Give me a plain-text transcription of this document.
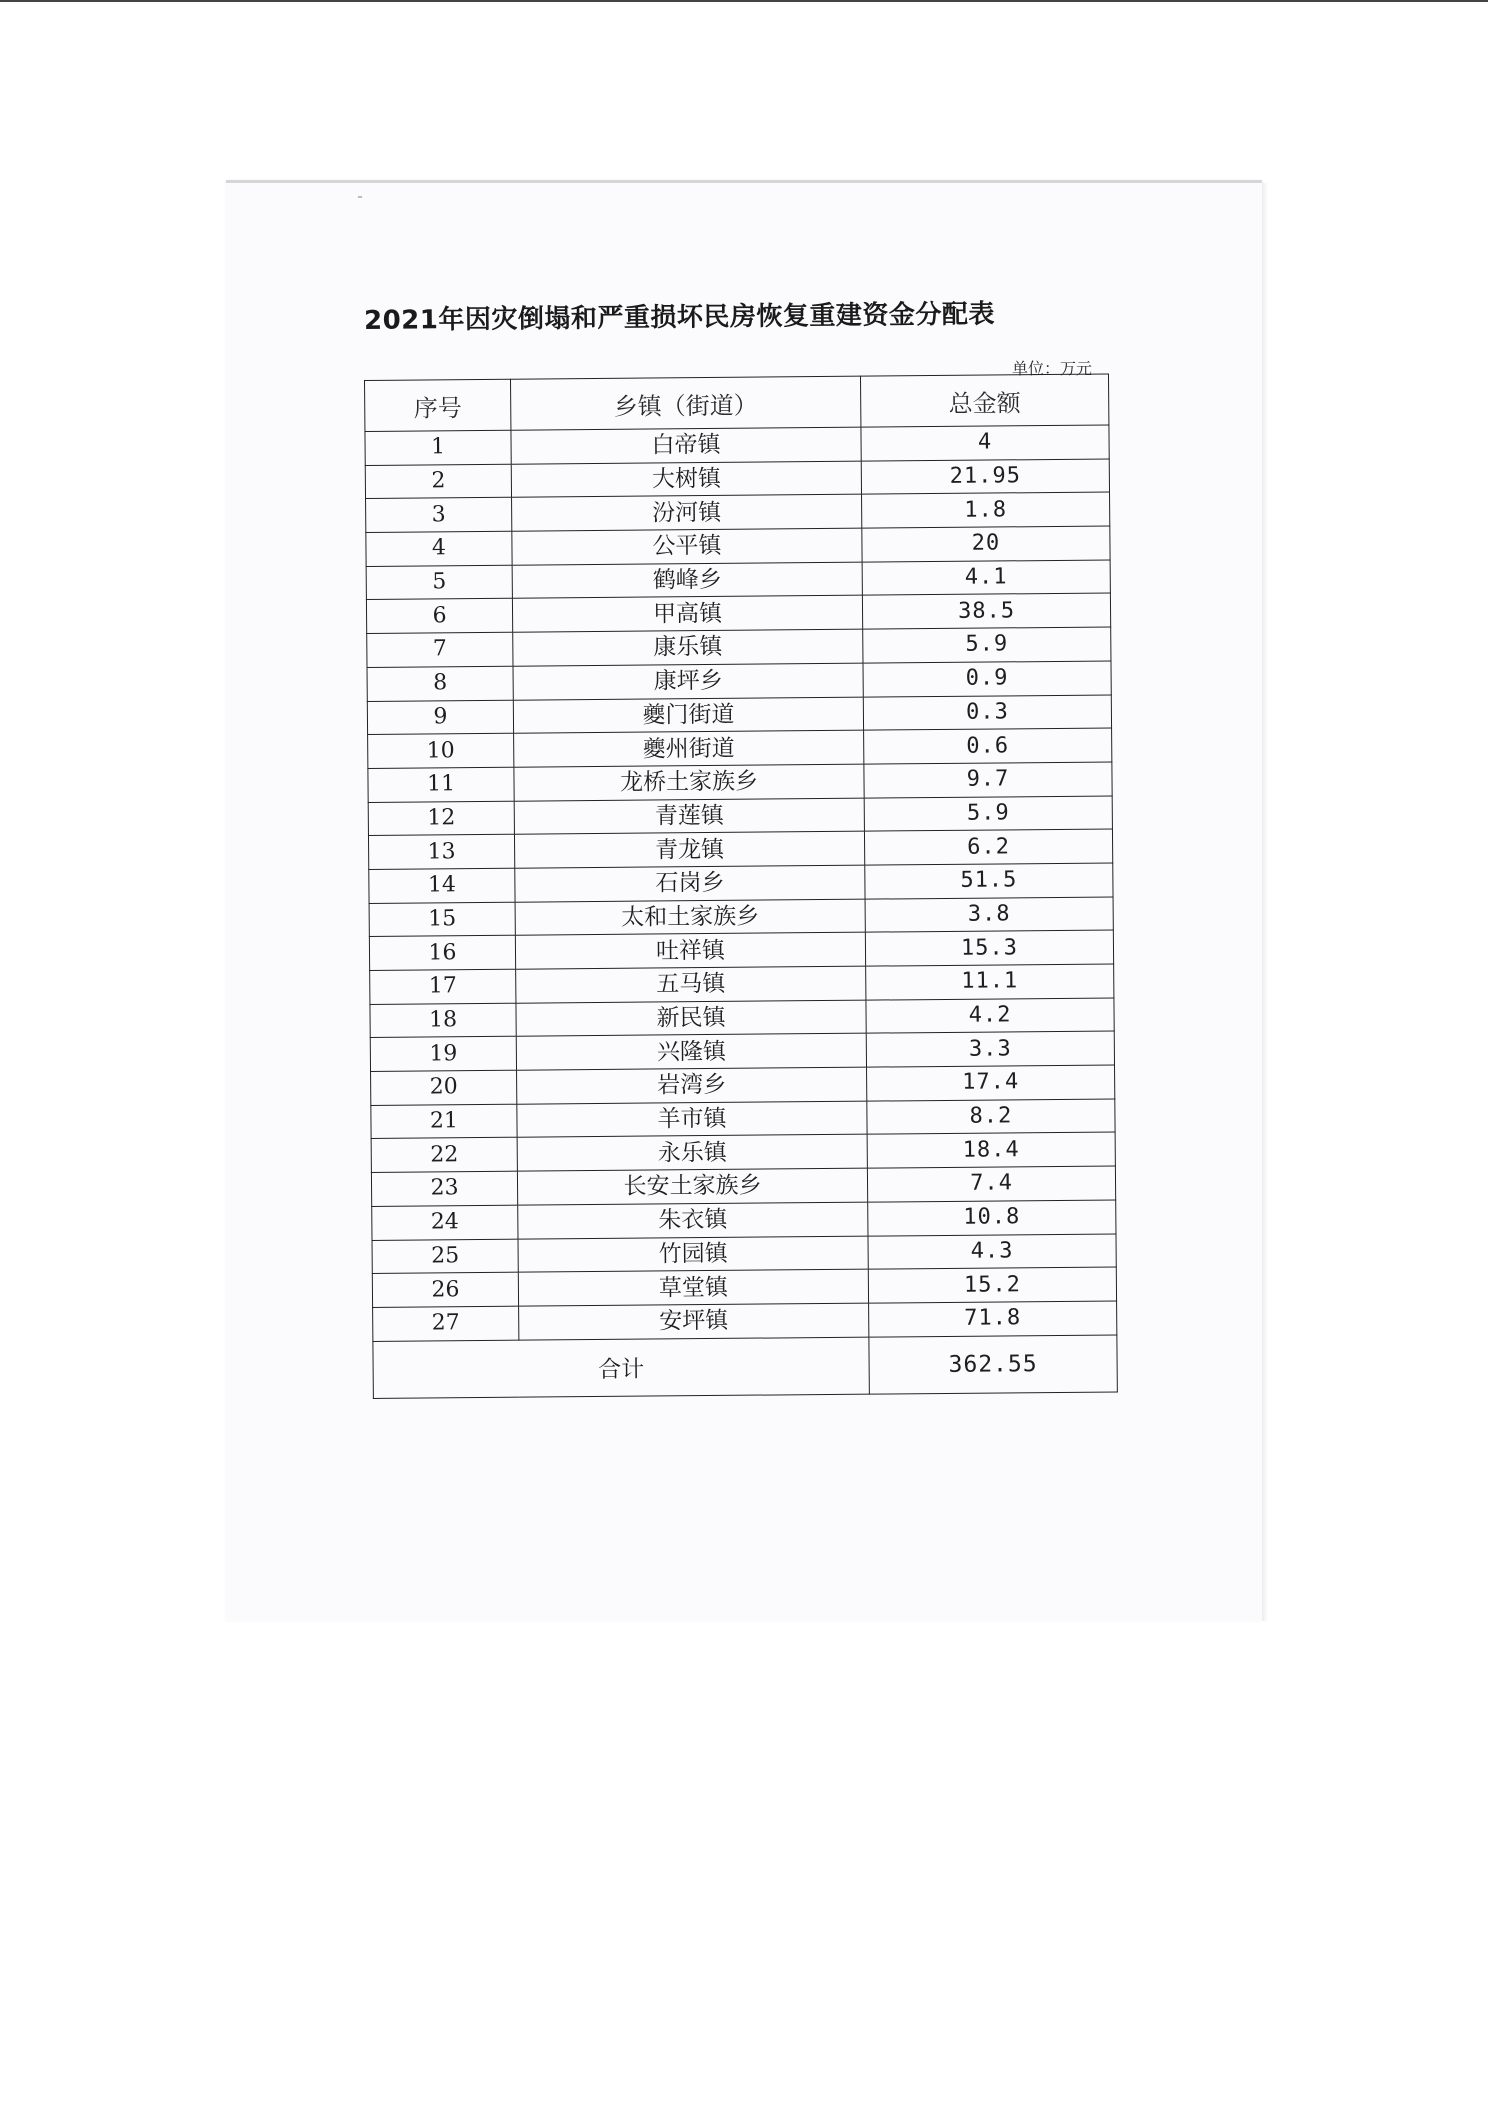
2021年因灾倒塌和严重损坏民房恢复重建资金分配表
单位：万元
序号	乡镇（街道）	总金额
1	白帝镇	4
2	大树镇	21.95
3	汾河镇	1.8
4	公平镇	20
5	鹤峰乡	4.1
6	甲高镇	38.5
7	康乐镇	5.9
8	康坪乡	0.9
9	夔门街道	0.3
10	夔州街道	0.6
11	龙桥土家族乡	9.7
12	青莲镇	5.9
13	青龙镇	6.2
14	石岗乡	51.5
15	太和土家族乡	3.8
16	吐祥镇	15.3
17	五马镇	11.1
18	新民镇	4.2
19	兴隆镇	3.3
20	岩湾乡	17.4
21	羊市镇	8.2
22	永乐镇	18.4
23	长安土家族乡	7.4
24	朱衣镇	10.8
25	竹园镇	4.3
26	草堂镇	15.2
27	安坪镇	71.8
合计		362.55
